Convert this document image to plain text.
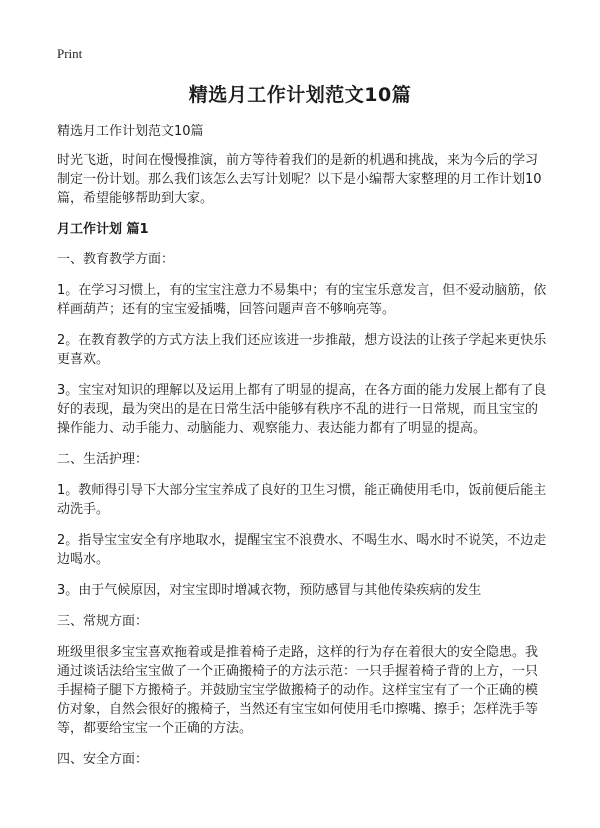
Print
精选月工作计划范文10篇

精选月工作计划范文10篇

时光飞逝，时间在慢慢推演，前方等待着我们的是新的机遇和挑战，来为今后的学习制定一份计划。那么我们该怎么去写计划呢？以下是小编帮大家整理的月工作计划10篇，希望能够帮助到大家。

月工作计划 篇1

一、教育教学方面：

1。在学习习惯上，有的宝宝注意力不易集中；有的宝宝乐意发言，但不爱动脑筋，依样画葫芦；还有的宝宝爱插嘴，回答问题声音不够响亮等。

2。在教育教学的方式方法上我们还应该进一步推敲，想方设法的让孩子学起来更快乐更喜欢。

3。宝宝对知识的理解以及运用上都有了明显的提高，在各方面的能力发展上都有了良好的表现，最为突出的是在日常生活中能够有秩序不乱的进行一日常规，而且宝宝的操作能力、动手能力、动脑能力、观察能力、表达能力都有了明显的提高。

二、生活护理：

1。教师得引导下大部分宝宝养成了良好的卫生习惯，能正确使用毛巾，饭前便后能主动洗手。

2。指导宝宝安全有序地取水，提醒宝宝不浪费水、不喝生水、喝水时不说笑，不边走边喝水。

3。由于气候原因，对宝宝即时增减衣物，预防感冒与其他传染疾病的发生

三、常规方面：

班级里很多宝宝喜欢拖着或是推着椅子走路，这样的行为存在着很大的安全隐患。我通过谈话法给宝宝做了一个正确搬椅子的方法示范：一只手握着椅子背的上方，一只手握椅子腿下方搬椅子。并鼓励宝宝学做搬椅子的动作。这样宝宝有了一个正确的模仿对象，自然会很好的搬椅子，当然还有宝宝如何使用毛巾擦嘴、擦手；怎样洗手等等，都要给宝宝一个正确的方法。

四、安全方面：
